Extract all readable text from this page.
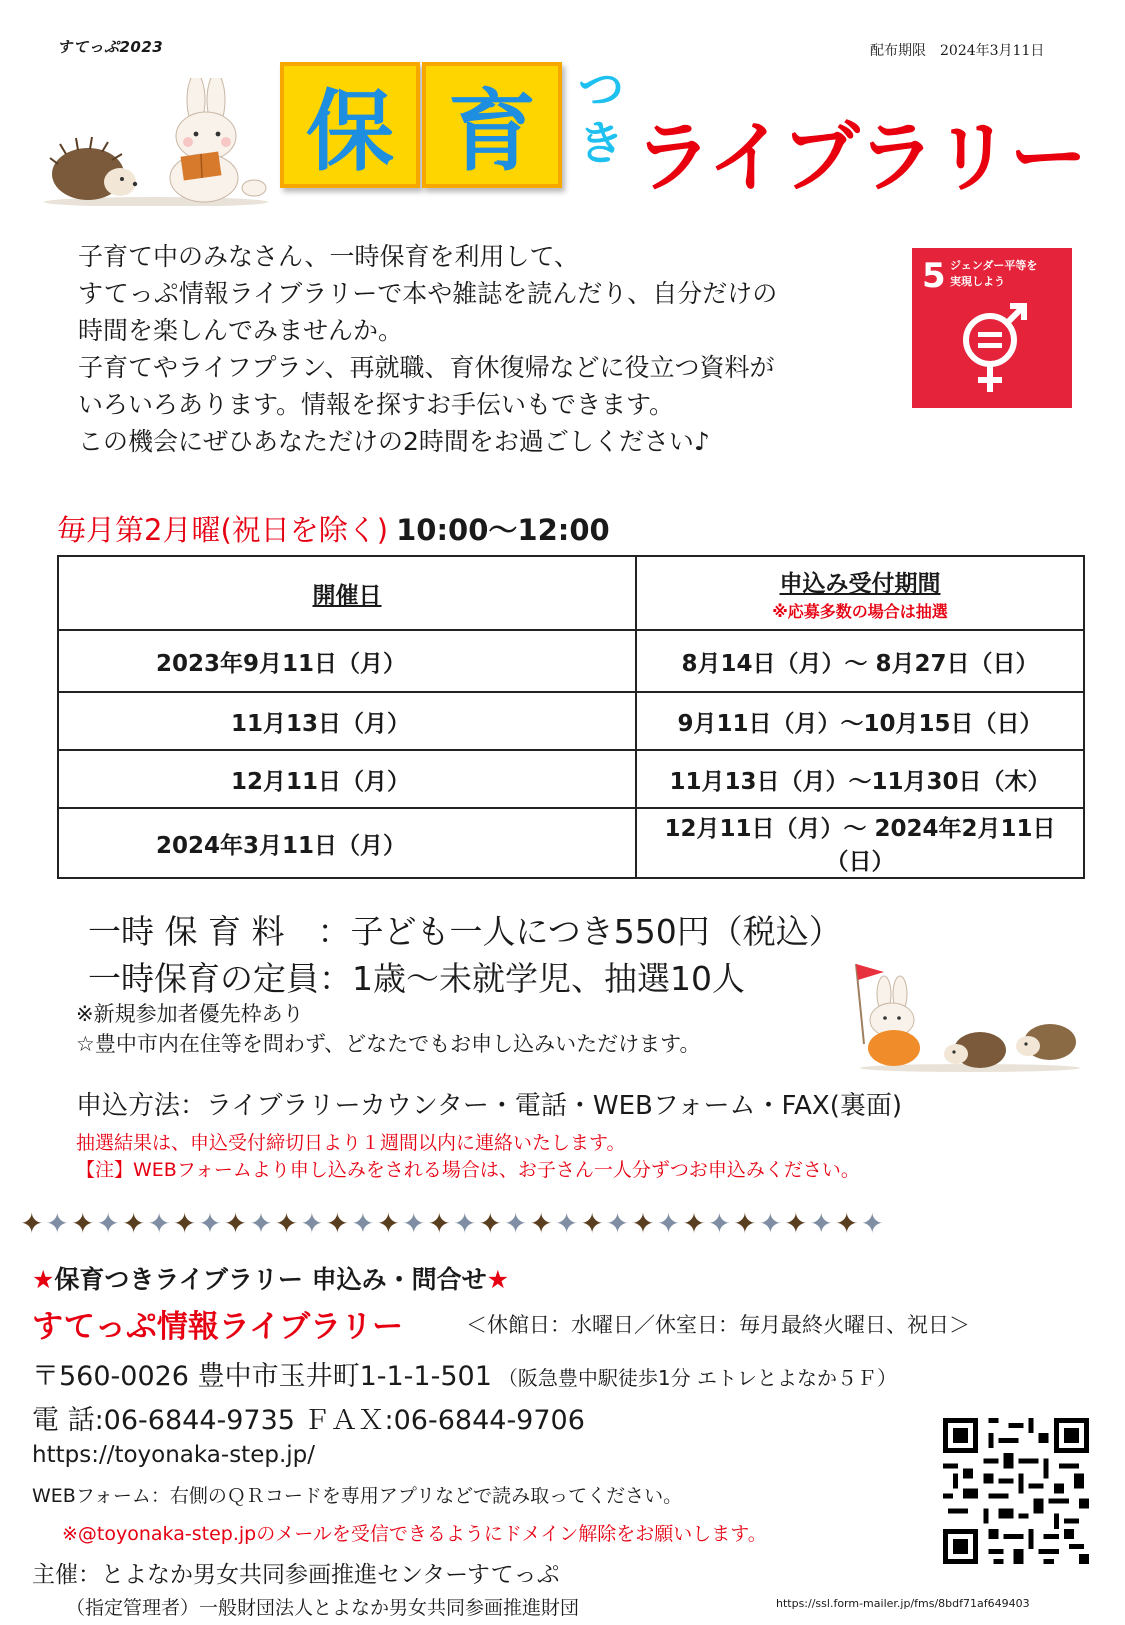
すてっぷ2023	配布期限　2024年3月11日
保 育 つき ライブラリー
子育て中のみなさん、一時保育を利用して、
すてっぷ情報ライブラリーで本や雑誌を読んだり、自分だけの
時間を楽しんでみませんか。
子育てやライフプラン、再就職、育休復帰などに役立つ資料が
いろいろあります。情報を探すお手伝いもできます。
この機会にぜひあなただけの2時間をお過ごしください♪
5 ジェンダー平等を
実現しよう
毎月第2月曜(祝日を除く) 10:00～12:00
開催日	申込み受付期間
※応募多数の場合は抽選

2023年9月11日（月）	8月14日（月）～ 8月27日（日）
11月13日（月）	9月11日（月）～10月15日（日）
12月11日（月）	11月13日（月）～11月30日（木）
2024年3月11日（月）	12月11日（月）～ 2024年2月11日（日）
一時 保 育 料　：子ども一人につき550円（税込）
一時保育の定員：1歳～未就学児、抽選10人
※新規参加者優先枠あり
☆豊中市内在住等を問わず、どなたでもお申し込みいただけます。
申込方法：ライブラリーカウンター・電話・WEBフォーム・FAX(裏面)
抽選結果は、申込受付締切日より１週間以内に連絡いたします。
【注】WEBフォームより申し込みをされる場合は、お子さん一人分ずつお申込みください。
✦✦✦✦✦✦✦✦✦✦✦✦✦✦✦✦✦✦✦✦✦✦✦✦✦✦✦✦✦✦✦✦✦✦
★保育つきライブラリー 申込み・問合せ★
すてっぷ情報ライブラリー	＜休館日：水曜日／休室日：毎月最終火曜日、祝日＞
〒560-0026 豊中市玉井町1-1-1-501 （阪急豊中駅徒歩1分 エトレとよなか５Ｆ）
電 話:06-6844-9735 ＦＡＸ:06-6844-9706
https://toyonaka-step.jp/
WEBフォーム：右側のＱＲコードを専用アプリなどで読み取ってください。
※@toyonaka-step.jpのメールを受信できるようにドメイン解除をお願いします。
主催：とよなか男女共同参画推進センターすてっぷ
（指定管理者）一般財団法人とよなか男女共同参画推進財団	https://ssl.form-mailer.jp/fms/8bdf71af649403
